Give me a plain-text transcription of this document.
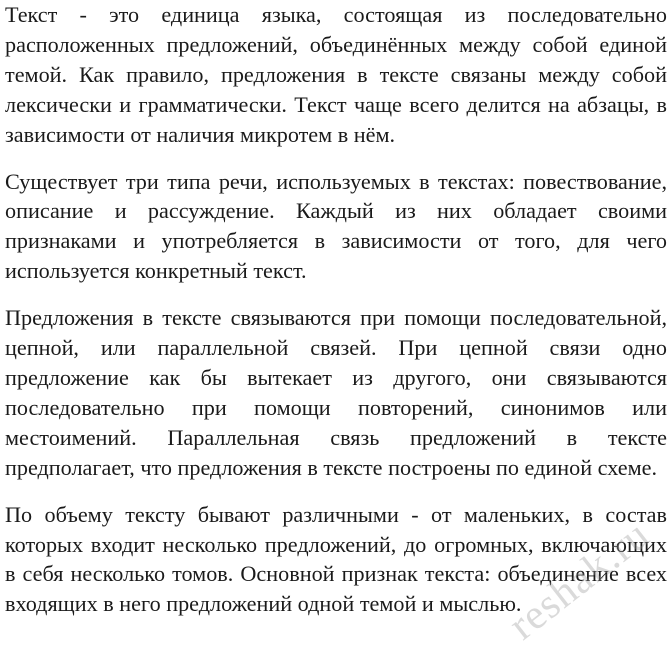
Текст - это единица языка, состоящая из последовательно расположенных предложений, объединённых между собой единой темой. Как правило, предложения в тексте связаны между собой лексически и грамматически. Текст чаще всего делится на абзацы, в зависимости от наличия микротем в нём.

Существует три типа речи, используемых в текстах: повествование, описание и рассуждение. Каждый из них обладает своими признаками и употребляется в зависимости от того, для чего используется конкретный текст.

Предложения в тексте связываются при помощи последовательной, цепной, или параллельной связей. При цепной связи одно предложение как бы вытекает из другого, они связываются последовательно при помощи повторений, синонимов или местоимений. Параллельная связь предложений в тексте предполагает, что предложения в тексте построены по единой схеме.

По объему тексту бывают различными - от маленьких, в состав которых входит несколько предложений, до огромных, включающих в себя несколько томов. Основной признак текста: объединение всех входящих в него предложений одной темой и мыслью.

reshak.ru
